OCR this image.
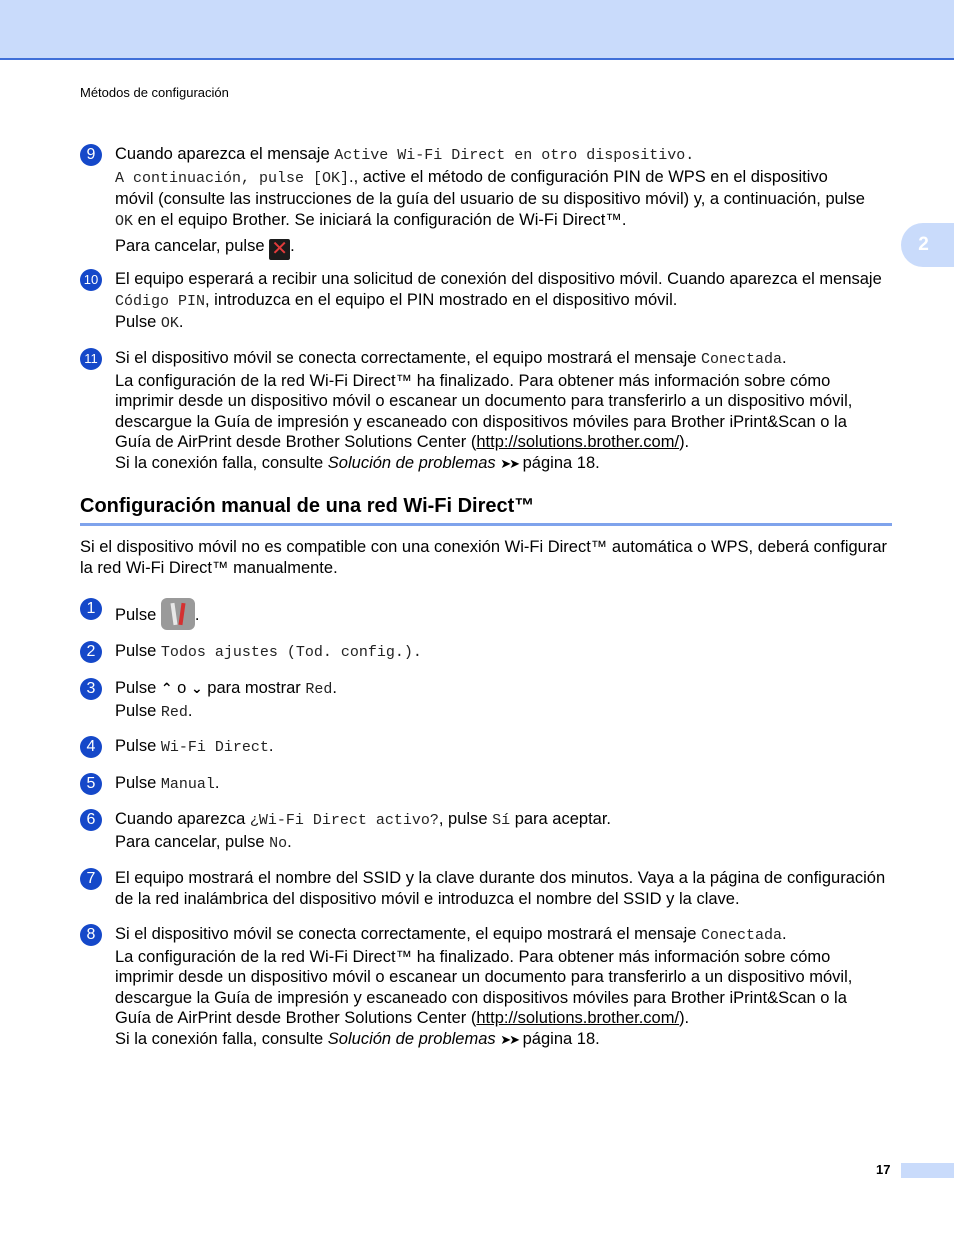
Métodos de configuración
2
9	Cuando aparezca el mensaje Active Wi-Fi Direct en otro dispositivo.

A continuación, pulse [OK]., active el método de configuración PIN de WPS en el dispositivo

móvil (consulte las instrucciones de la guía del usuario de su dispositivo móvil) y, a continuación, pulse

OK en el equipo Brother. Se iniciará la configuración de Wi-Fi Direct™.

Para cancelar, pulse ✕ .

10 El equipo esperará a recibir una solicitud de conexión del dispositivo móvil. Cuando aparezca el mensaje

Código PIN, introduzca en el equipo el PIN mostrado en el dispositivo móvil.

Pulse OK.

11 Si el dispositivo móvil se conecta correctamente, el equipo mostrará el mensaje Conectada.

La configuración de la red Wi-Fi Direct™ ha finalizado. Para obtener más información sobre cómo

imprimir desde un dispositivo móvil o escanear un documento para transferirlo a un dispositivo móvil,

descargue la Guía de impresión y escaneado con dispositivos móviles para Brother iPrint&Scan o la

Guía de AirPrint desde Brother Solutions Center (http://solutions.brother.com/).

Si la conexión falla, consulte Solución de problemas ➤➤ página 18.

Configuración manual de una red Wi-Fi Direct™
Si el dispositivo móvil no es compatible con una conexión Wi-Fi Direct™ automática o WPS, deberá configurar
la red Wi-Fi Direct™ manualmente.
1	Pulse
.

2	Pulse Todos ajustes (Tod. config.).

3	Pulse ⌃ o ⌄ para mostrar Red.

Pulse Red.

4	Pulse Wi-Fi Direct.

5	Pulse Manual.

6	Cuando aparezca ¿Wi-Fi Direct activo?, pulse Sí para aceptar.

Para cancelar, pulse No.

7	El equipo mostrará el nombre del SSID y la clave durante dos minutos. Vaya a la página de configuración

de la red inalámbrica del dispositivo móvil e introduzca el nombre del SSID y la clave.

8	Si el dispositivo móvil se conecta correctamente, el equipo mostrará el mensaje Conectada.

La configuración de la red Wi-Fi Direct™ ha finalizado. Para obtener más información sobre cómo

imprimir desde un dispositivo móvil o escanear un documento para transferirlo a un dispositivo móvil,

descargue la Guía de impresión y escaneado con dispositivos móviles para Brother iPrint&Scan o la

Guía de AirPrint desde Brother Solutions Center (http://solutions.brother.com/).

Si la conexión falla, consulte Solución de problemas ➤➤ página 18.

17
